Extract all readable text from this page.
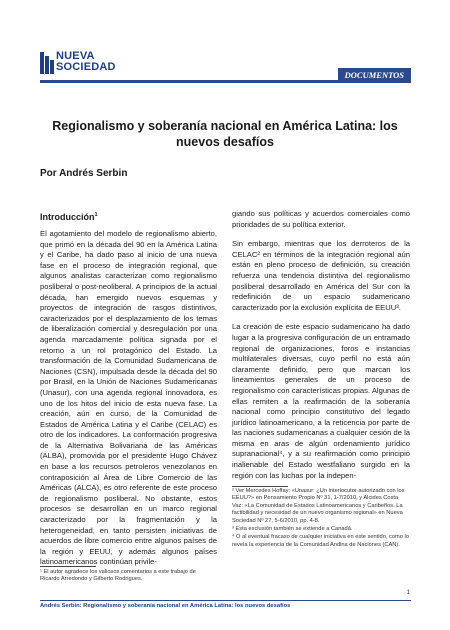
NUEVA
SOCIEDAD
DOCUMENTOS
Regionalismo y soberanía nacional en América Latina: los nuevos desafíos
Por Andrés Serbin
Introducción$^1$

El agotamiento del modelo de regionalismo abierto, que primó en la década del 90 en la América Latina y el Caribe, ha dado paso al inicio de una nueva fase en el proceso de integración regional, que algunos analistas caracterizan como regionalismo posliberal o post-neoliberal. A principios de la actual década, han emergido nuevos esquemas y proyectos de integración de rasgos distintivos, caracterizados por el desplazamiento de los temas de liberalización comercial y desregulación por una agenda marcadamente política signada por el retorno a un rol protagónico del Estado. La transformación de la Comunidad Sudamericana de Naciones (CSN), impulsada desde la década del 90 por Brasil, en la Unión de Naciones Sudamericanas (Unasur), con una agenda regional innovadora, es uno de los hitos del inicio de esta nueva fase. La creación, aún en curso, de la Comunidad de Estados de América Latina y el Caribe (CELAC) es otro de los indicadores. La conformación progresiva de la Alternativa Bolivariana de las Américas (ALBA), promovida por el presidente Hugo Chávez en base a los recursos petroleros venezolanos en contraposición al Área de Libre Comercio de las Américas (ALCA), es otro referente de este proceso de regionalismo posliberal. No obstante, estos procesos se desarrollan en un marco regional caracterizado por la fragmentación y la heterogeneidad, en tanto persisten iniciativas de acuerdos de libre comercio entre algunos países de la región y EEUU, y además algunos países latinoamericanos continúan privile-

giando sus políticas y acuerdos comerciales como prioridades de su política exterior.

Sin embargo, mientras que los derroteros de la CELAC² en términos de la integración regional aún están en pleno proceso de definición, su creación refuerza una tendencia distintiva del regionalismo posliberal desarrollado en América del Sur con la redefinición de un espacio sudamericano caracterizado por la exclusión explícita de EEUU³.

La creación de este espacio sudamericano ha dado lugar a la progresiva configuración de un entramado regional de organizaciones, foros e instancias multilaterales diversas, cuyo perfil no está aún claramente definido, pero que marcan los lineamientos generales de un proceso de regionalismo con características propias. Algunas de ellas remiten a la reafirmación de la soberanía nacional como principio constitutivo del legado jurídico latinoamericano, a la reticencia por parte de las naciones sudamericanas a cualquier cesión de la misma en aras de algún ordenamiento jurídico supranacional⁴, y a su reafirmación como principio inalienable del Estado westfaliano surgido en la región con las luchas por la indepen-

² Ver Mercedes Hoffay: «Unasur: ¿Un interlocutor autorizado con los EEUU?» en Pensamiento Propio Nº 31, 1-7/2010, y Alcides Costa Vaz: «La Comunidad de Estados Latinoamericanos y Caribeños. La factibilidad y necesidad de un nuevo organismo regional» en Nueva Sociedad Nº 27, 5-6/2010, pp. 4-8.

³ Esta exclusión también se extiende a Canadá.

⁴ O al eventual fracaso de cualquier iniciativa en este sentido, como lo revela la experiencia de la Comunidad Andina de Naciones (CAN).

¹ El autor agradece los valiosos comentarios a este trabajo de Ricardo Arredondo y Gilberto Rodrigues.

1
Andrés Serbin: Regionalismo y soberanía nacional en América Latina: los nuevos desafíos
